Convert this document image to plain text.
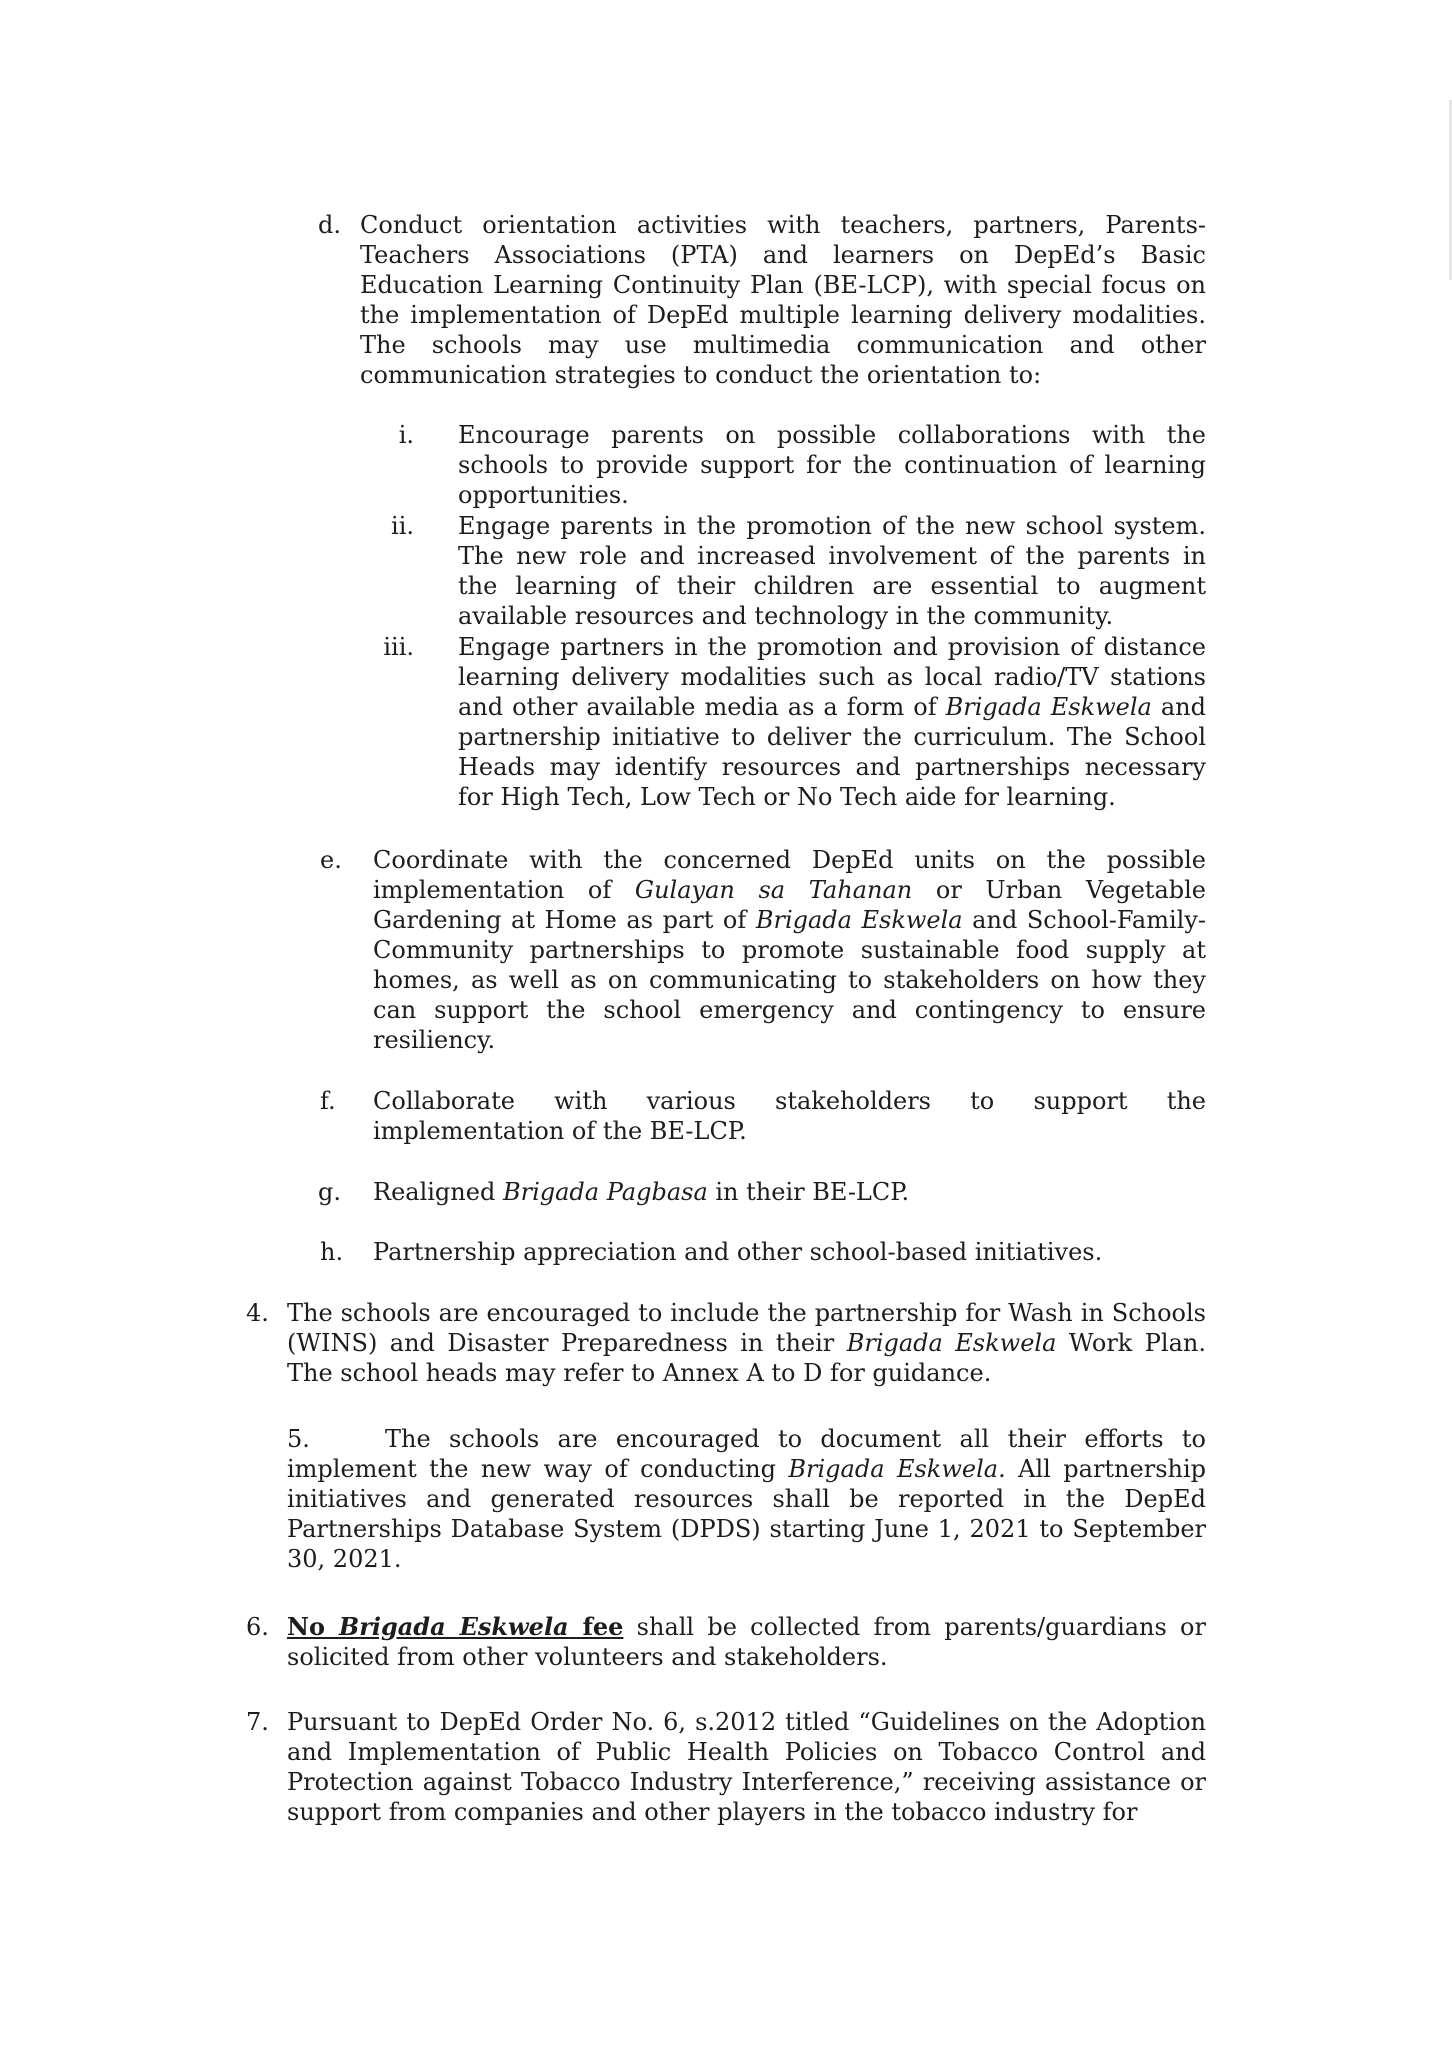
d. Conduct orientation activities with teachers, partners, Parents-Teachers Associations (PTA) and learners on DepEd’s Basic Education Learning Continuity Plan (BE-LCP), with special focus on the implementation of DepEd multiple learning delivery modalities. The schools may use multimedia communication and other communication strategies to conduct the orientation to:
i. Encourage parents on possible collaborations with the schools to provide support for the continuation of learning opportunities.
ii. Engage parents in the promotion of the new school system. The new role and increased involvement of the parents in the learning of their children are essential to augment available resources and technology in the community.
iii. Engage partners in the promotion and provision of distance learning delivery modalities such as local radio/TV stations and other available media as a form of Brigada Eskwela and partnership initiative to deliver the curriculum. The School Heads may identify resources and partnerships necessary for High Tech, Low Tech or No Tech aide for learning.
e. Coordinate with the concerned DepEd units on the possible implementation of Gulayan sa Tahanan or Urban Vegetable Gardening at Home as part of Brigada Eskwela and School-Family-Community partnerships to promote sustainable food supply at homes, as well as on communicating to stakeholders on how they can support the school emergency and contingency to ensure resiliency.
f. Collaborate with various stakeholders to support the implementation of the BE-LCP.
g. Realigned Brigada Pagbasa in their BE-LCP.
h. Partnership appreciation and other school-based initiatives.
4. The schools are encouraged to include the partnership for Wash in Schools (WINS) and Disaster Preparedness in their Brigada Eskwela Work Plan. The school heads may refer to Annex A to D for guidance.
5.	The schools are encouraged to document all their efforts to implement the new way of conducting Brigada Eskwela. All partnership initiatives and generated resources shall be reported in the DepEd Partnerships Database System (DPDS) starting June 1, 2021 to September 30, 2021.
6. No Brigada Eskwela fee shall be collected from parents/guardians or solicited from other volunteers and stakeholders.
7. Pursuant to DepEd Order No. 6, s.2012 titled “Guidelines on the Adoption and Implementation of Public Health Policies on Tobacco Control and Protection against Tobacco Industry Interference,” receiving assistance or support from companies and other players in the tobacco industry for
